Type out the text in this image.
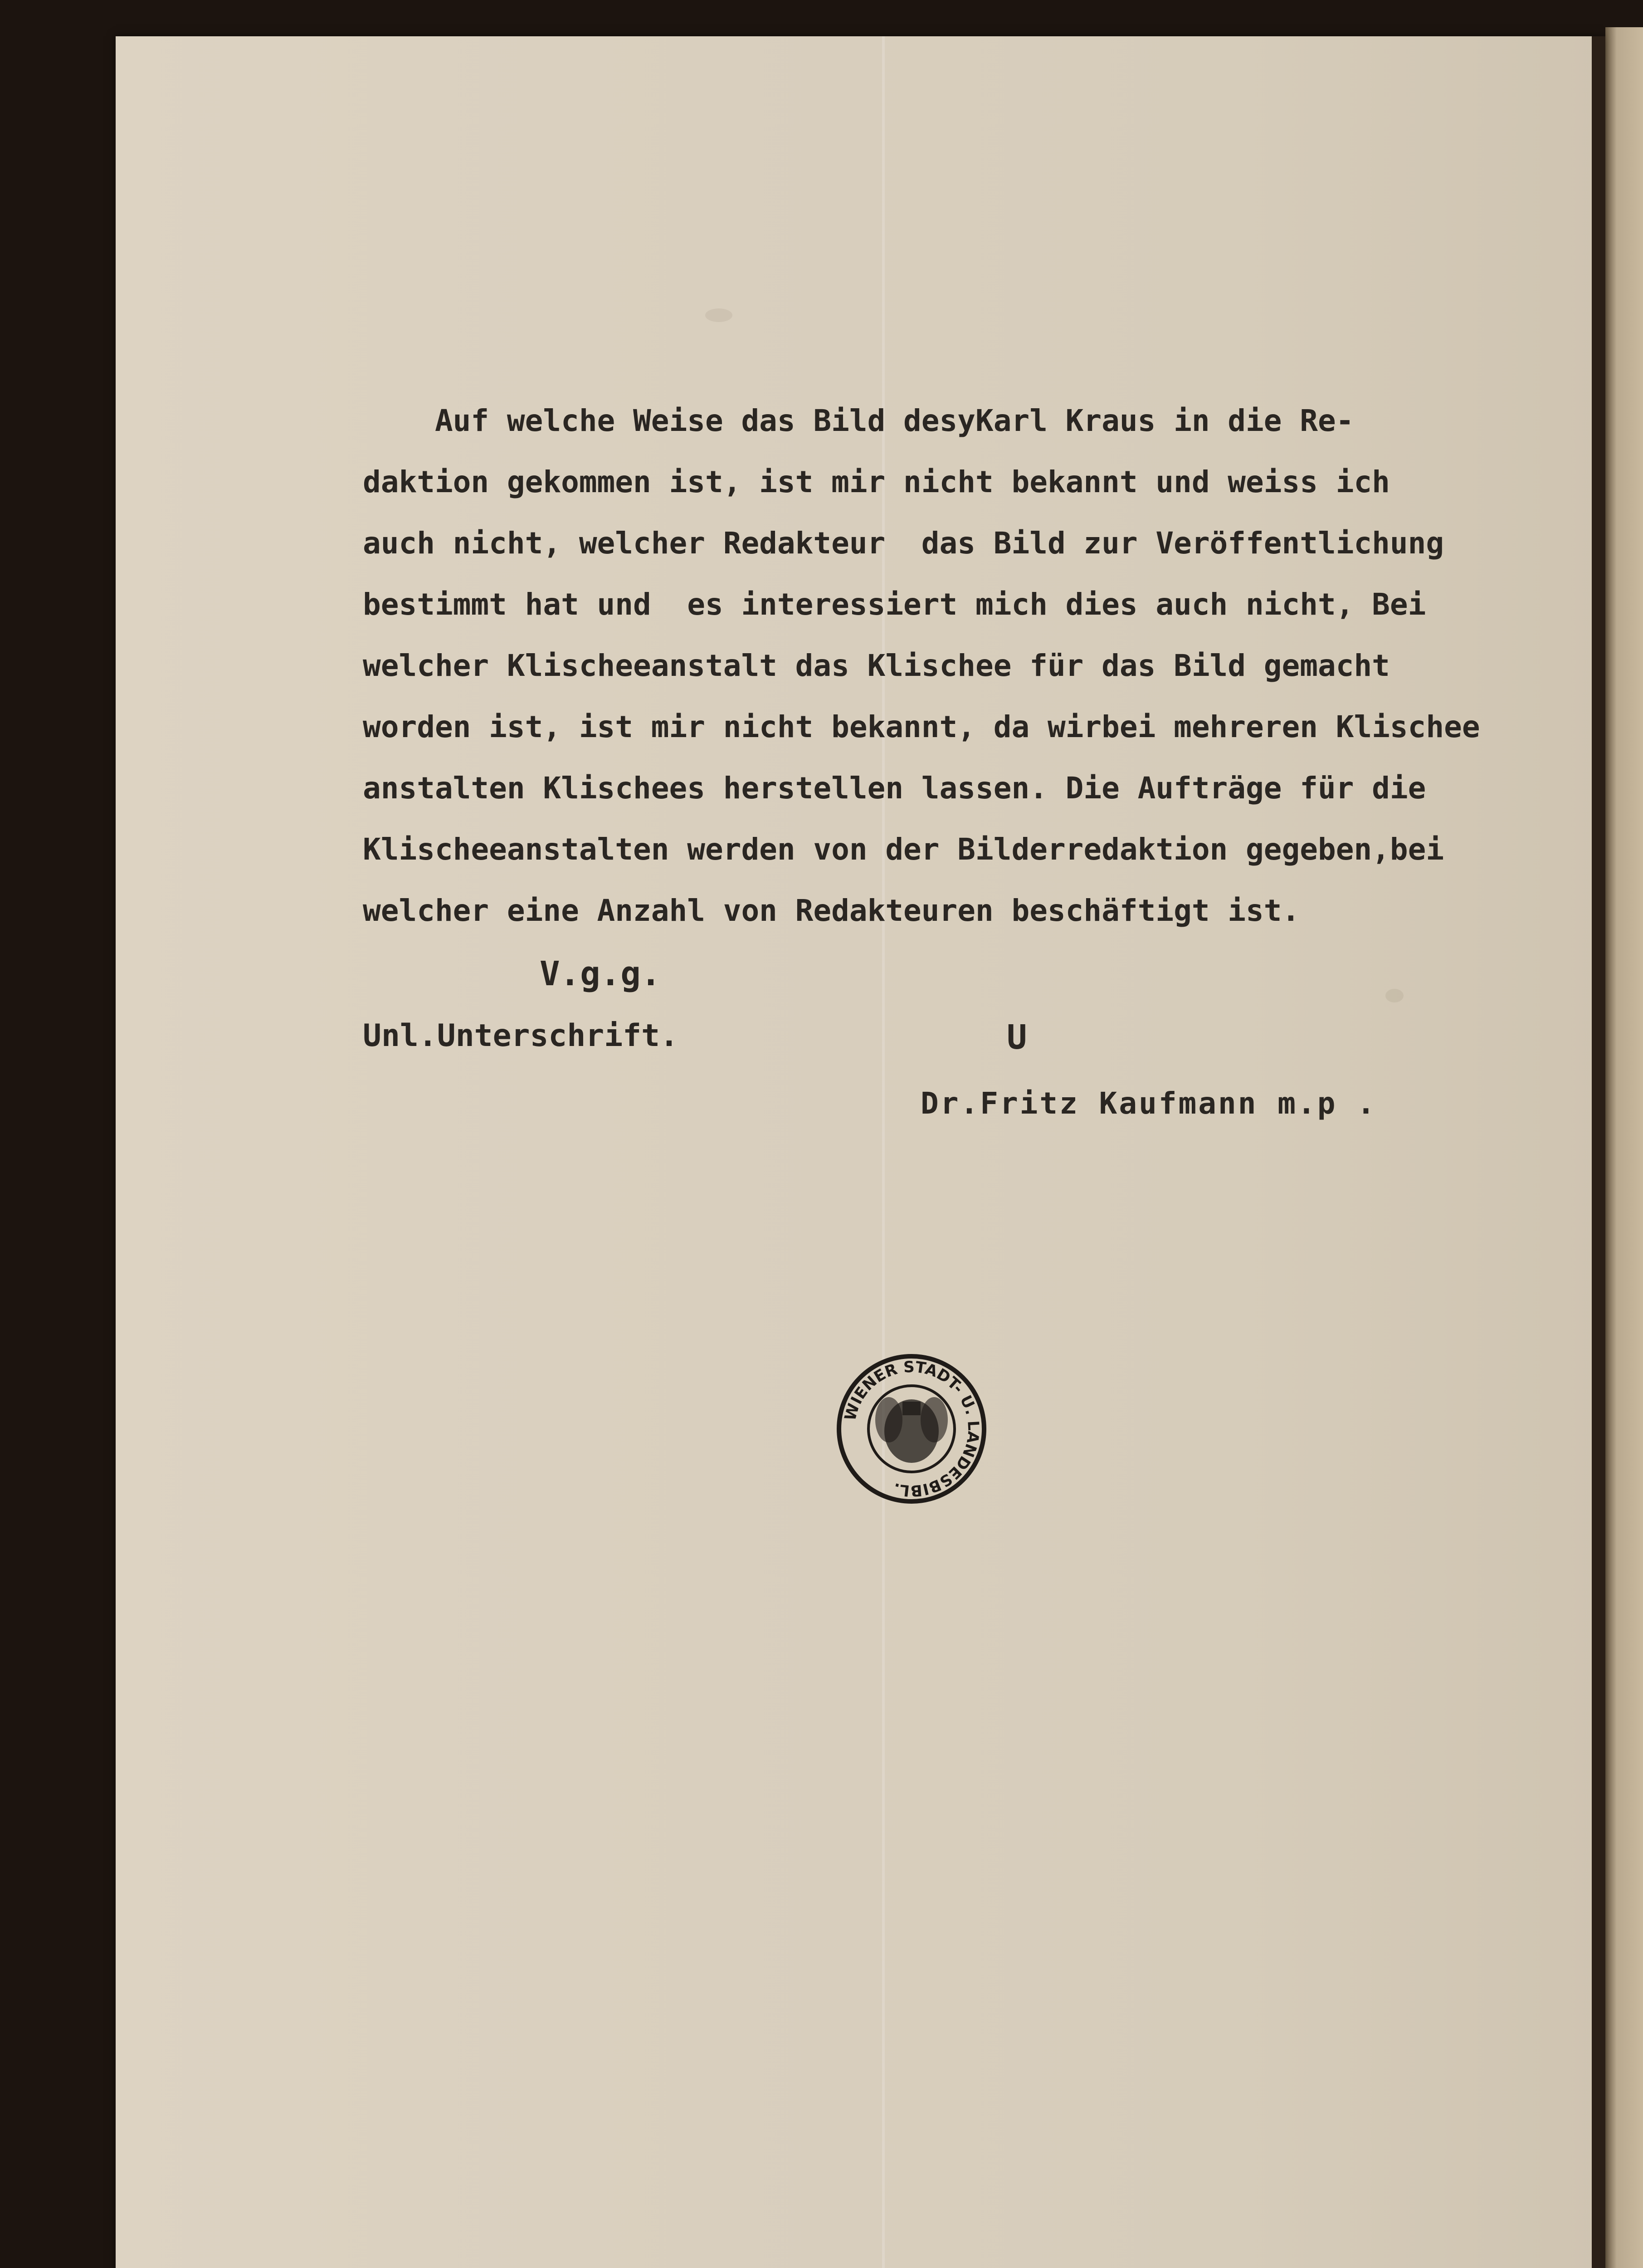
Auf welche Weise das Bild desyKarl Kraus in die Re-
daktion gekommen ist, ist mir nicht bekannt und weiss ich
auch nicht, welcher Redakteur  das Bild zur Veröffentlichung
bestimmt hat und  es interessiert mich dies auch nicht, Bei
welcher Klischeeanstalt das Klischee für das Bild gemacht
worden ist, ist mir nicht bekannt, da wirbei mehreren Klischee
anstalten Klischees herstellen lassen. Die Aufträge für die
Klischeeanstalten werden von der Bilderredaktion gegeben,bei
welcher eine Anzahl von Redakteuren beschäftigt ist.
V.g.g.
Unl.Unterschrift.	U
Dr.Fritz Kaufmann m.p .
WIENER STADT- U. LANDESBIBL.
